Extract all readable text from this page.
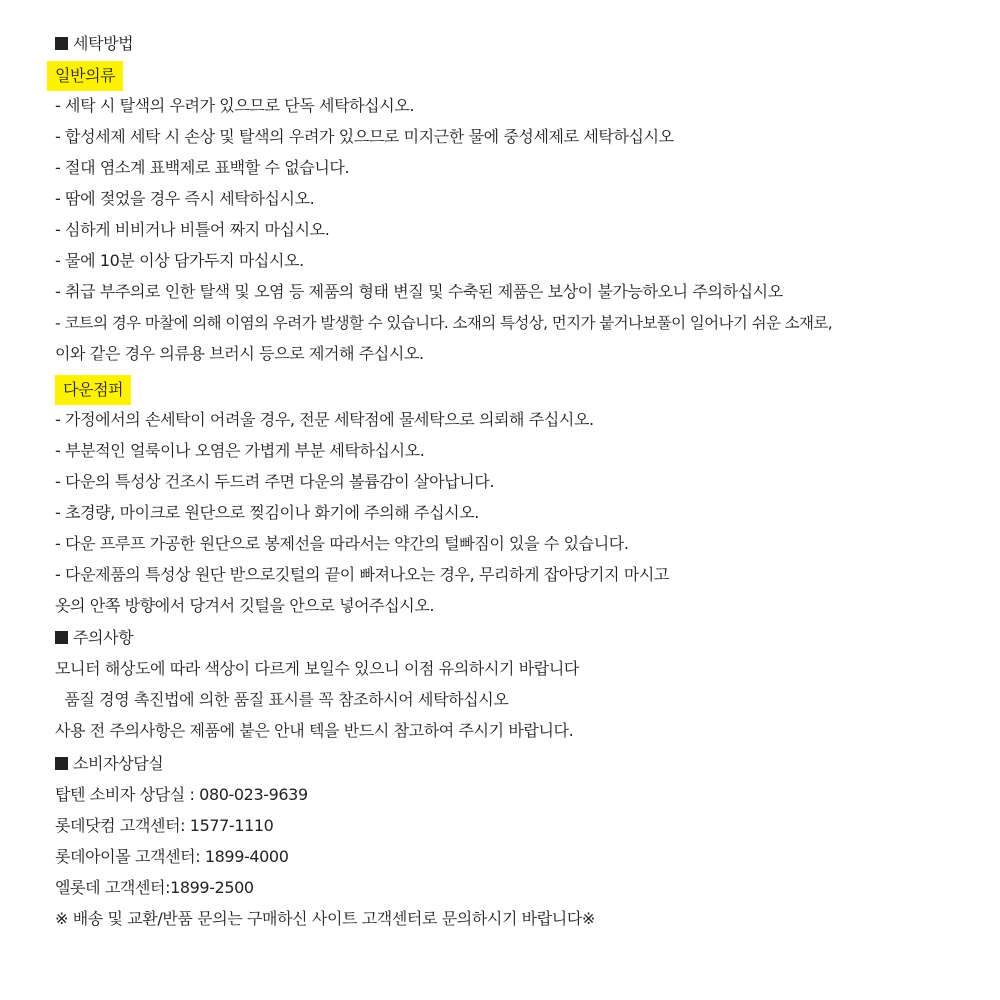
세탁방법
일반의류
- 세탁 시 탈색의 우려가 있으므로 단독 세탁하십시오.
- 합성세제 세탁 시 손상 및 탈색의 우려가 있으므로 미지근한 물에 중성세제로 세탁하십시오
- 절대 염소계 표백제로 표백할 수 없습니다.
- 땀에 젖었을 경우 즉시 세탁하십시오.
- 심하게 비비거나 비틀어 짜지 마십시오.
- 물에 10분 이상 담가두지 마십시오.
- 취급 부주의로 인한 탈색 및 오염 등 제품의 형태 변질 및 수축된 제품은 보상이 불가능하오니 주의하십시오
- 코트의 경우 마찰에 의해 이염의 우려가 발생할 수 있습니다. 소재의 특성상, 먼지가 붙거나보풀이 일어나기 쉬운 소재로,
이와 같은 경우 의류용 브러시 등으로 제거해 주십시오.
다운점퍼
- 가정에서의 손세탁이 어려울 경우, 전문 세탁점에 물세탁으로 의뢰해 주십시오.
- 부분적인 얼룩이나 오염은 가볍게 부분 세탁하십시오.
- 다운의 특성상 건조시 두드려 주면 다운의 볼륨감이 살아납니다.
- 초경량, 마이크로 원단으로 찢김이나 화기에 주의해 주십시오.
- 다운 프루프 가공한 원단으로 봉제선을 따라서는 약간의 털빠짐이 있을 수 있습니다.
- 다운제품의 특성상 원단 받으로깃털의 끝이 빠져나오는 경우, 무리하게 잡아당기지 마시고
옷의 안쪽 방향에서 당겨서 깃털을 안으로 넣어주십시오.
주의사항
모니터 해상도에 따라 색상이 다르게 보일수 있으니 이점 유의하시기 바랍니다
품질 경영 촉진법에 의한 품질 표시를 꼭 참조하시어 세탁하십시오
사용 전 주의사항은 제품에 붙은 안내 텍을 반드시 참고하여 주시기 바랍니다.
소비자상담실
탑텐 소비자 상담실 : 080-023-9639
롯데닷컴 고객센터: 1577-1110
롯데아이몰 고객센터: 1899-4000
엘롯데 고객센터:1899-2500
※ 배송 및 교환/반품 문의는 구매하신 사이트 고객센터로 문의하시기 바랍니다※
